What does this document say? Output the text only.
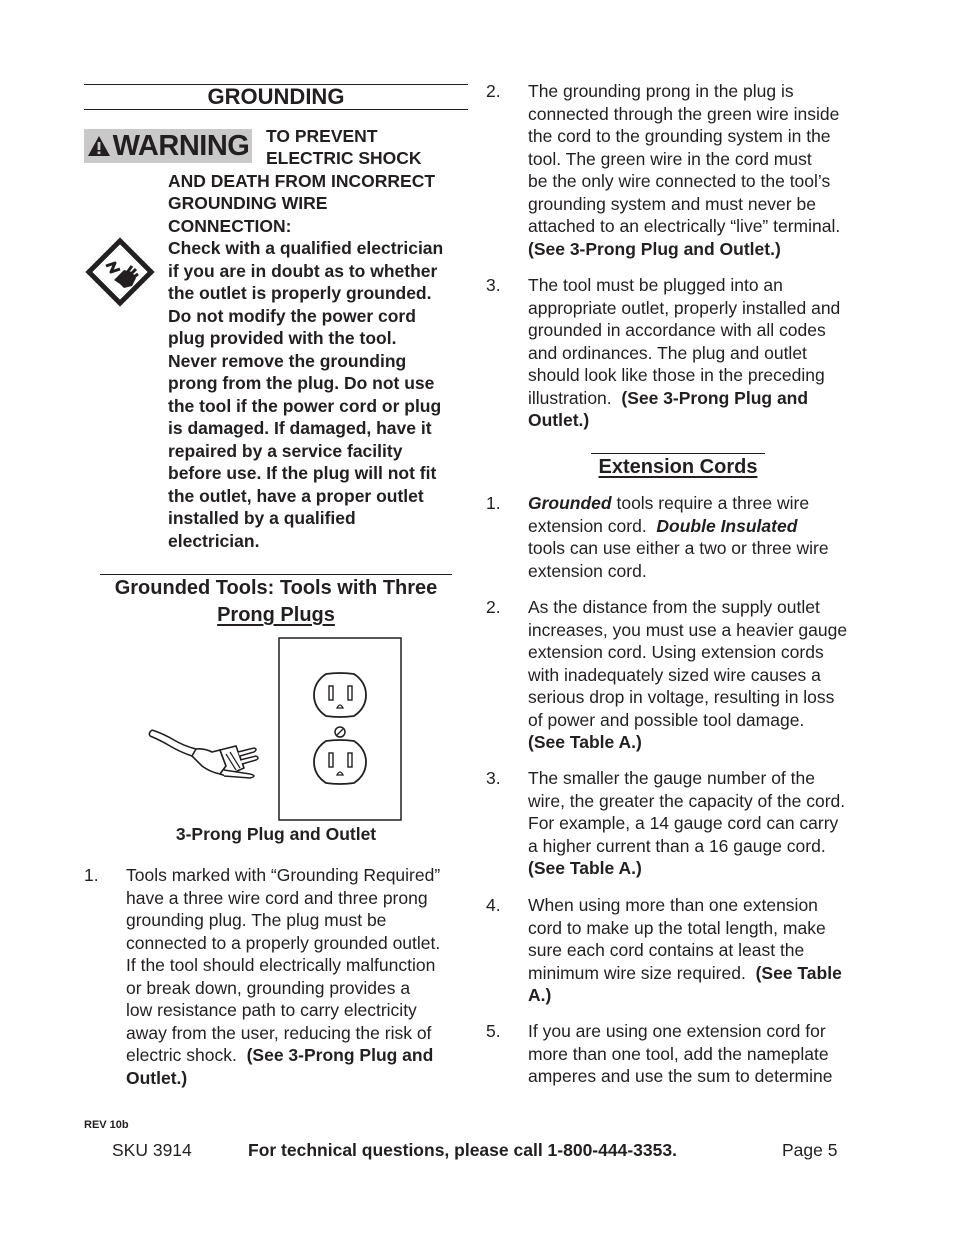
GROUNDING
WARNING TO PREVENT
ELECTRIC SHOCK
AND DEATH FROM INCORRECT
GROUNDING WIRE
CONNECTION:
Check with a qualified electrician
if you are in doubt as to whether
the outlet is properly grounded.
Do not modify the power cord
plug provided with the tool.
Never remove the grounding
prong from the plug. Do not use
the tool if the power cord or plug
is damaged. If damaged, have it
repaired by a service facility
before use. If the plug will not fit
the outlet, have a proper outlet
installed by a qualified
electrician.
Grounded Tools: Tools with Three
Prong Plugs
3-Prong Plug and Outlet
1. Tools marked with “Grounding Required”
have a three wire cord and three prong
grounding plug. The plug must be
connected to a properly grounded outlet.
If the tool should electrically malfunction
or break down, grounding provides a
low resistance path to carry electricity
away from the user, reducing the risk of
electric shock.  (See 3-Prong Plug and
Outlet.)
2. The grounding prong in the plug is
connected through the green wire inside
the cord to the grounding system in the
tool. The green wire in the cord must
be the only wire connected to the tool’s
grounding system and must never be
attached to an electrically “live” terminal.
(See 3-Prong Plug and Outlet.)
3. The tool must be plugged into an
appropriate outlet, properly installed and
grounded in accordance with all codes
and ordinances. The plug and outlet
should look like those in the preceding
illustration.  (See 3-Prong Plug and
Outlet.)
Extension Cords
1. Grounded tools require a three wire
extension cord.  Double Insulated
tools can use either a two or three wire
extension cord.
2. As the distance from the supply outlet
increases, you must use a heavier gauge
extension cord. Using extension cords
with inadequately sized wire causes a
serious drop in voltage, resulting in loss
of power and possible tool damage.
(See Table A.)
3. The smaller the gauge number of the
wire, the greater the capacity of the cord.
For example, a 14 gauge cord can carry
a higher current than a 16 gauge cord.
(See Table A.)
4. When using more than one extension
cord to make up the total length, make
sure each cord contains at least the
minimum wire size required.  (See Table
A.)
5. If you are using one extension cord for
more than one tool, add the nameplate
amperes and use the sum to determine
REV 10b
SKU 3914	For technical questions, please call 1-800-444-3353.	Page 5
